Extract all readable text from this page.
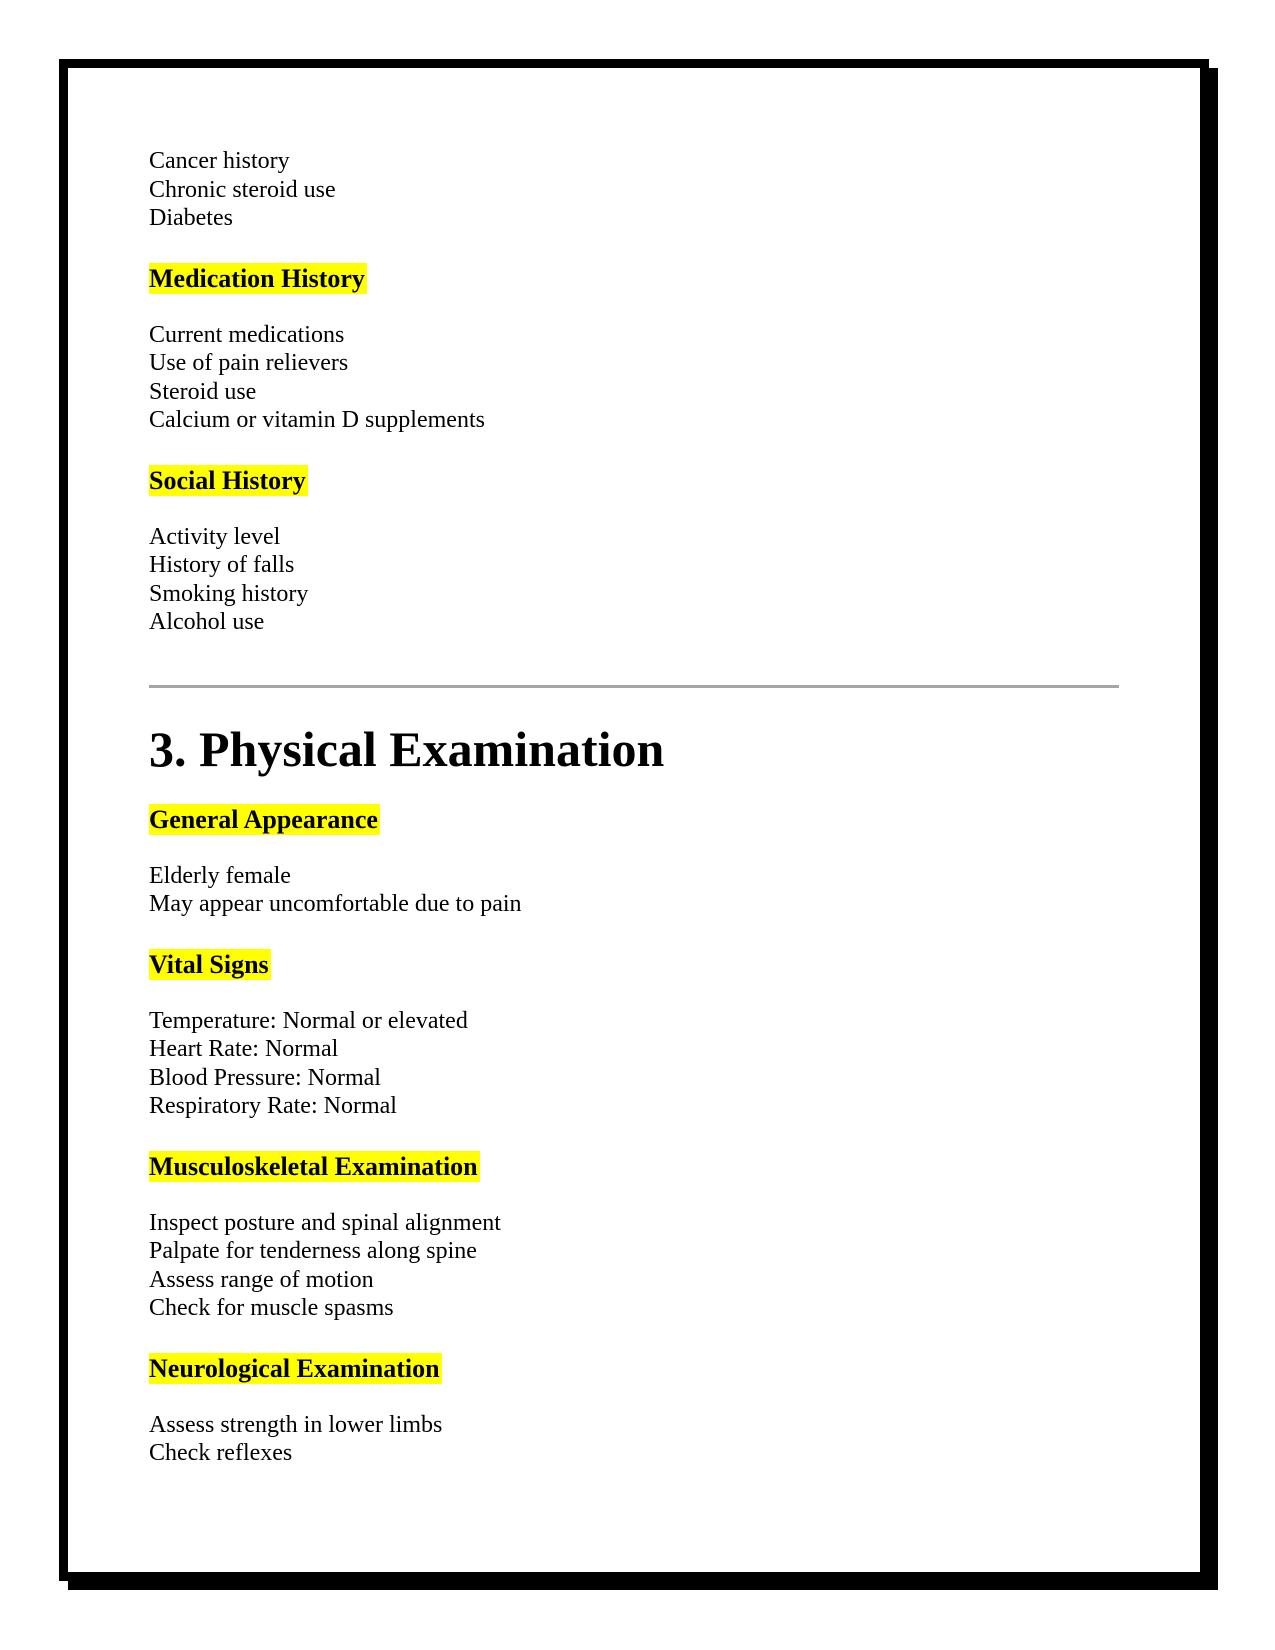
Cancer history

Chronic steroid use

Diabetes

Medication History

Current medications

Use of pain relievers

Steroid use

Calcium or vitamin D supplements

Social History

Activity level

History of falls

Smoking history

Alcohol use

3. Physical Examination
General Appearance

Elderly female

May appear uncomfortable due to pain

Vital Signs

Temperature: Normal or elevated

Heart Rate: Normal

Blood Pressure: Normal

Respiratory Rate: Normal

Musculoskeletal Examination

Inspect posture and spinal alignment

Palpate for tenderness along spine

Assess range of motion

Check for muscle spasms

Neurological Examination

Assess strength in lower limbs

Check reflexes
